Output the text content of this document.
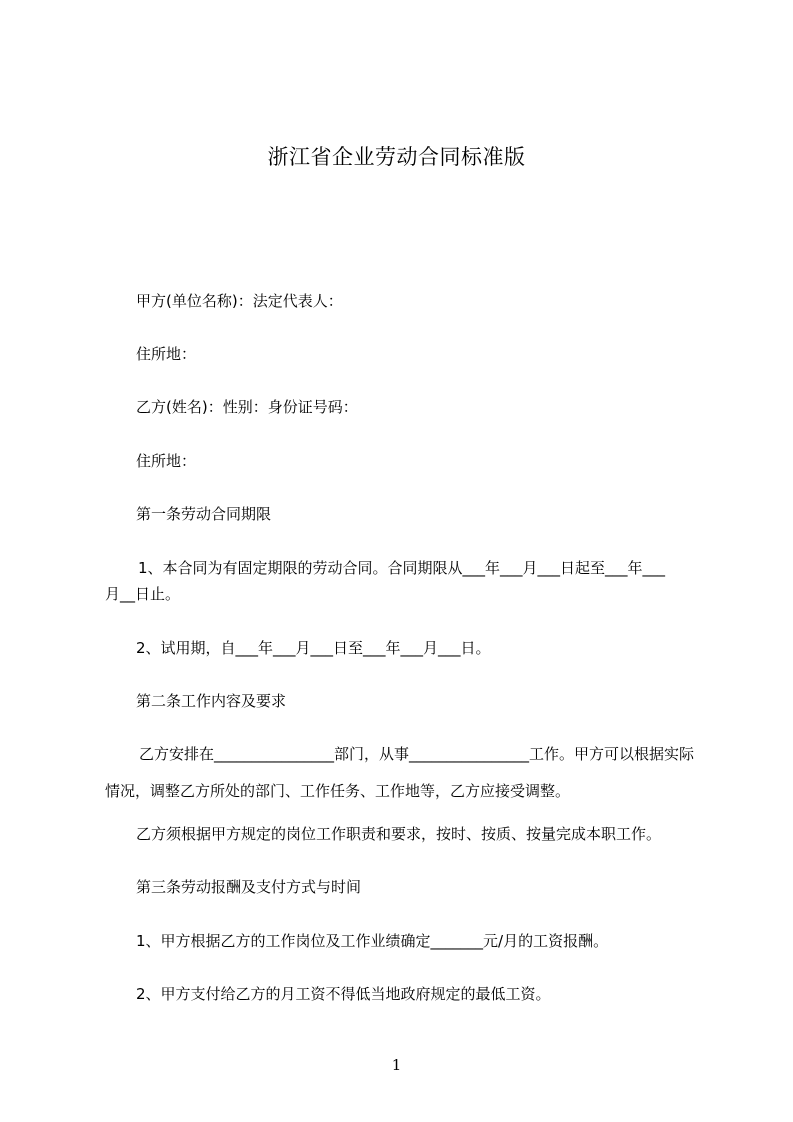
浙江省企业劳动合同标准版
甲方(单位名称)：法定代表人：
住所地：
乙方(姓名)：性别：身份证号码：
住所地：
第一条劳动合同期限
1、本合同为有固定期限的劳动合同。合同期限从___年___月___日起至___年___
月__日止。
2、试用期，自___年___月___日至___年___月___日。
第二条工作内容及要求
乙方安排在________________部门，从事________________工作。甲方可以根据实际情况，调整乙方所处的部门、工作任务、工作地等，乙方应接受调整。
乙方须根据甲方规定的岗位工作职责和要求，按时、按质、按量完成本职工作。
第三条劳动报酬及支付方式与时间
1、甲方根据乙方的工作岗位及工作业绩确定_______元/月的工资报酬。
2、甲方支付给乙方的月工资不得低当地政府规定的最低工资。
1
